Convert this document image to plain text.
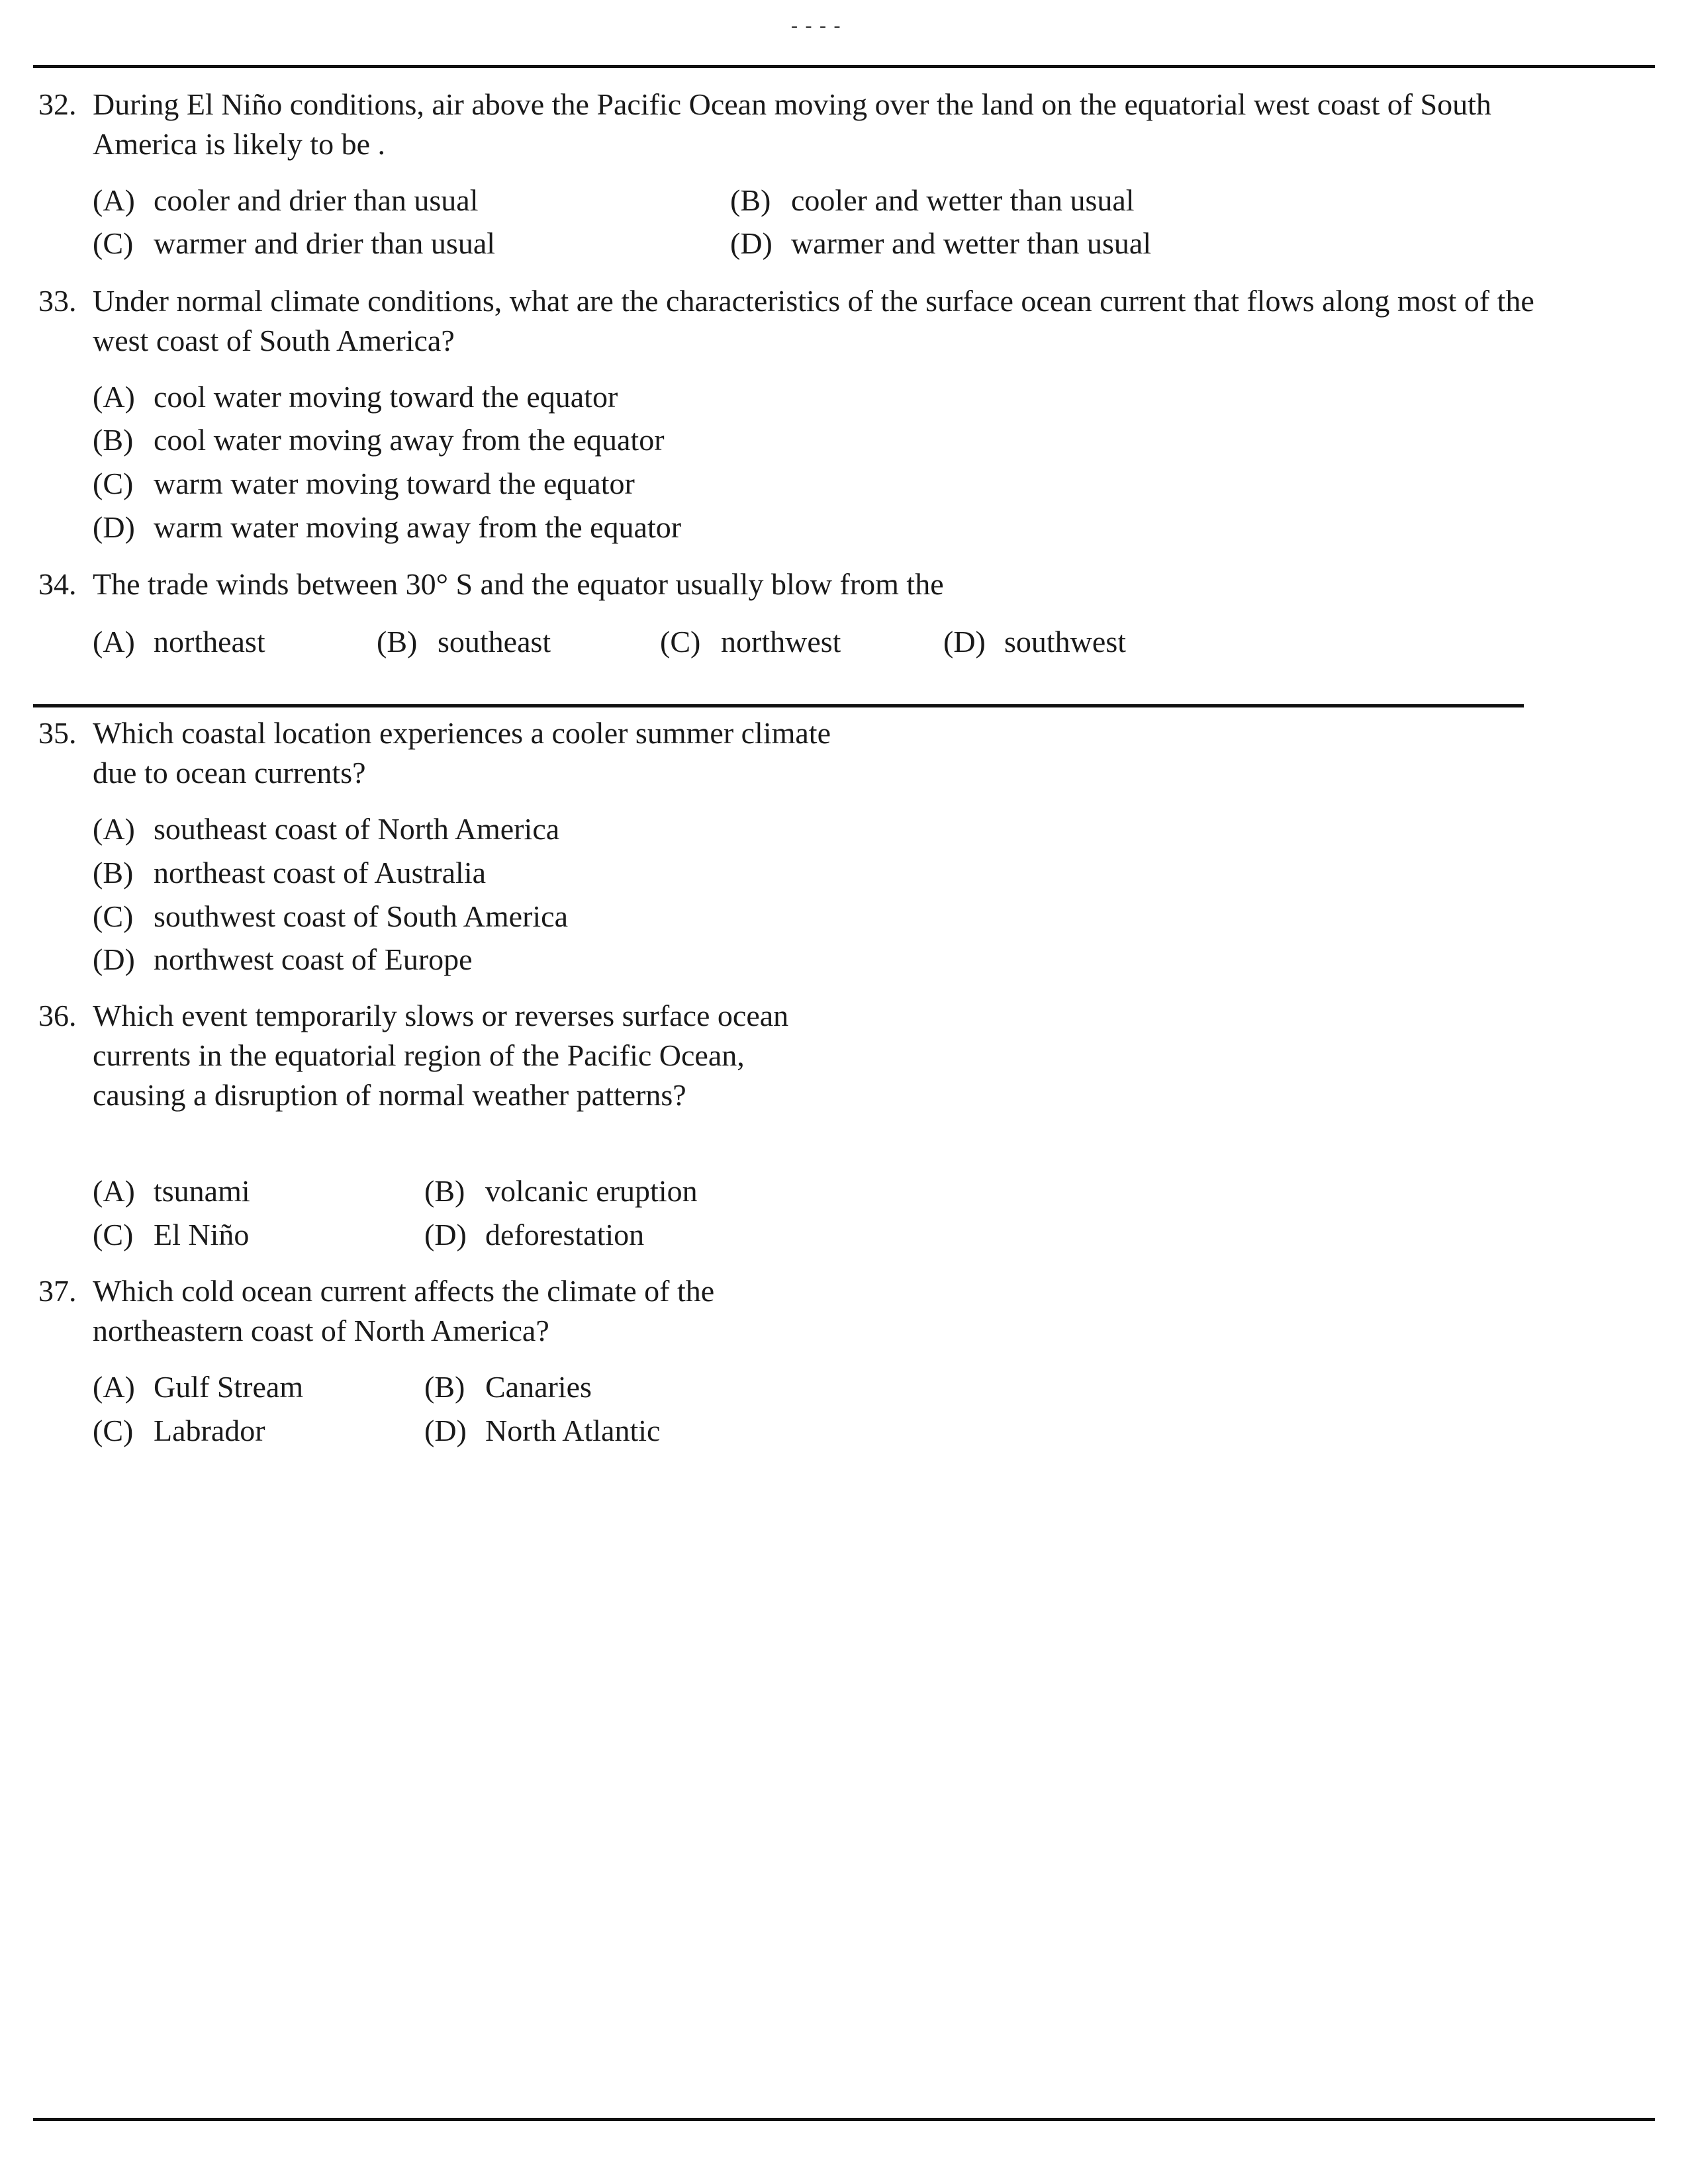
- - - -
32. During El Niño conditions, air above the Pacific Ocean moving over the land on the equatorial west coast of South America is likely to be .
(A) cooler and drier than usual	(B) cooler and wetter than usual
(C) warmer and drier than usual	(D) warmer and wetter than usual
33. Under normal climate conditions, what are the characteristics of the surface ocean current that flows along most of the west coast of South America?
(A) cool water moving toward the equator
(B) cool water moving away from the equator
(C) warm water moving toward the equator
(D) warm water moving away from the equator
34. The trade winds between 30° S and the equator usually blow from the
(A) northeast	(B) southeast	(C) northwest	(D) southwest
35. Which coastal location experiences a cooler summer climate due to ocean currents?
(A) southeast coast of North America
(B) northeast coast of Australia
(C) southwest coast of South America
(D) northwest coast of Europe
36. Which event temporarily slows or reverses surface ocean currents in the equatorial region of the Pacific Ocean, causing a disruption of normal weather patterns?
(A) tsunami	(B) volcanic eruption
(C) El Niño	(D) deforestation
37. Which cold ocean current affects the climate of the northeastern coast of North America?
(A) Gulf Stream	(B) Canaries
(C) Labrador	(D) North Atlantic
